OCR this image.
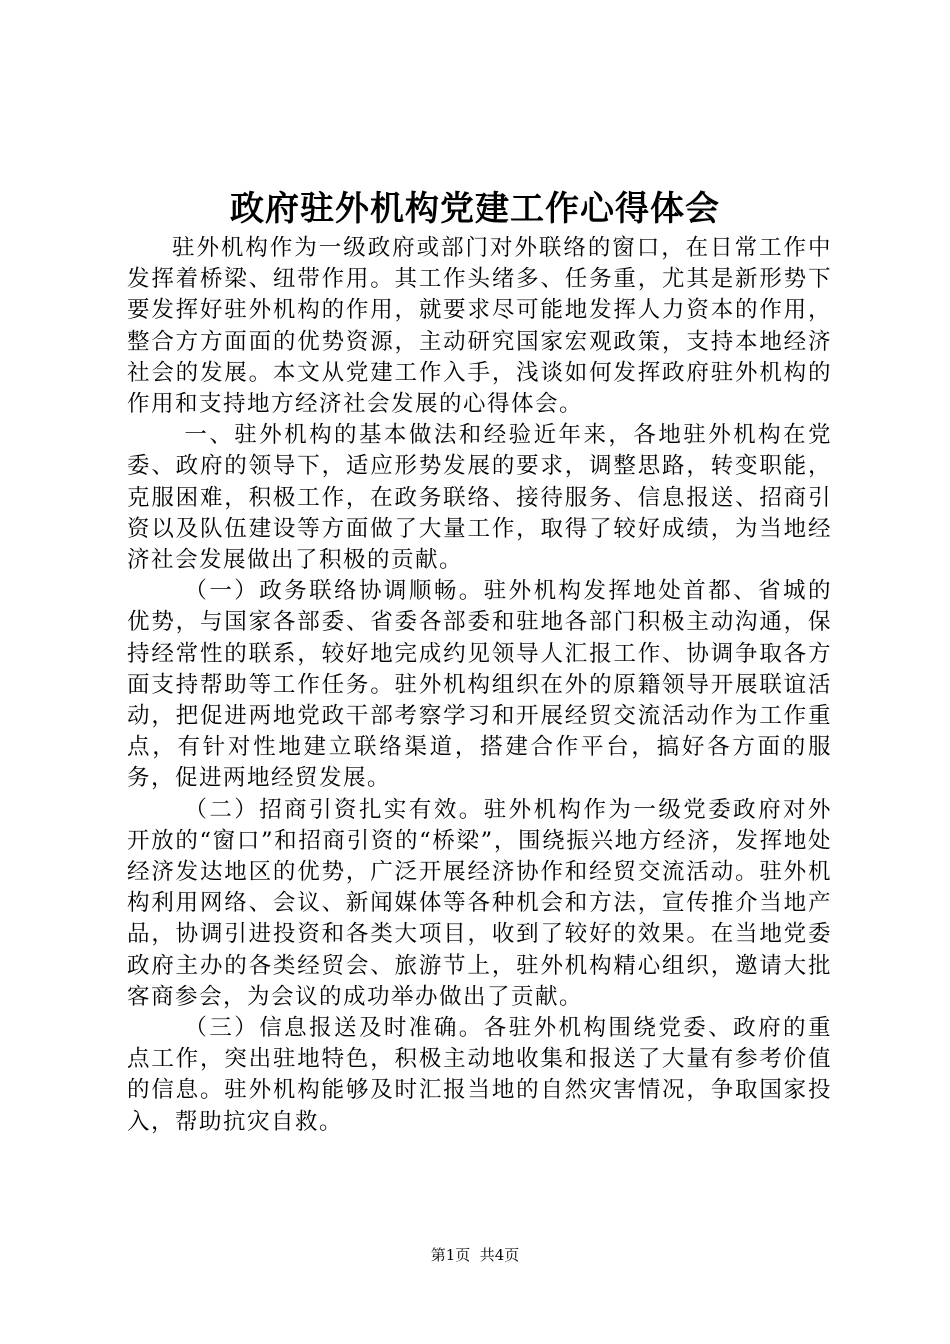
政府驻外机构党建工作心得体会

驻外机构作为一级政府或部门对外联络的窗口，在日常工作中发挥着桥梁、纽带作用。其工作头绪多、任务重，尤其是新形势下要发挥好驻外机构的作用，就要求尽可能地发挥人力资本的作用，整合方方面面的优势资源，主动研究国家宏观政策，支持本地经济社会的发展。本文从党建工作入手，浅谈如何发挥政府驻外机构的作用和支持地方经济社会发展的心得体会。

一、驻外机构的基本做法和经验近年来，各地驻外机构在党委、政府的领导下，适应形势发展的要求，调整思路，转变职能，克服困难，积极工作，在政务联络、接待服务、信息报送、招商引资以及队伍建设等方面做了大量工作，取得了较好成绩，为当地经济社会发展做出了积极的贡献。

（一）政务联络协调顺畅。驻外机构发挥地处首都、省城的优势，与国家各部委、省委各部委和驻地各部门积极主动沟通，保持经常性的联系，较好地完成约见领导人汇报工作、协调争取各方面支持帮助等工作任务。驻外机构组织在外的原籍领导开展联谊活动，把促进两地党政干部考察学习和开展经贸交流活动作为工作重点，有针对性地建立联络渠道，搭建合作平台，搞好各方面的服务，促进两地经贸发展。

（二）招商引资扎实有效。驻外机构作为一级党委政府对外开放的“窗口”和招商引资的“桥梁”，围绕振兴地方经济，发挥地处经济发达地区的优势，广泛开展经济协作和经贸交流活动。驻外机构利用网络、会议、新闻媒体等各种机会和方法，宣传推介当地产品，协调引进投资和各类大项目，收到了较好的效果。在当地党委政府主办的各类经贸会、旅游节上，驻外机构精心组织，邀请大批客商参会，为会议的成功举办做出了贡献。

（三）信息报送及时准确。各驻外机构围绕党委、政府的重点工作，突出驻地特色，积极主动地收集和报送了大量有参考价值的信息。驻外机构能够及时汇报当地的自然灾害情况，争取国家投入，帮助抗灾自救。

第1页  共4页
